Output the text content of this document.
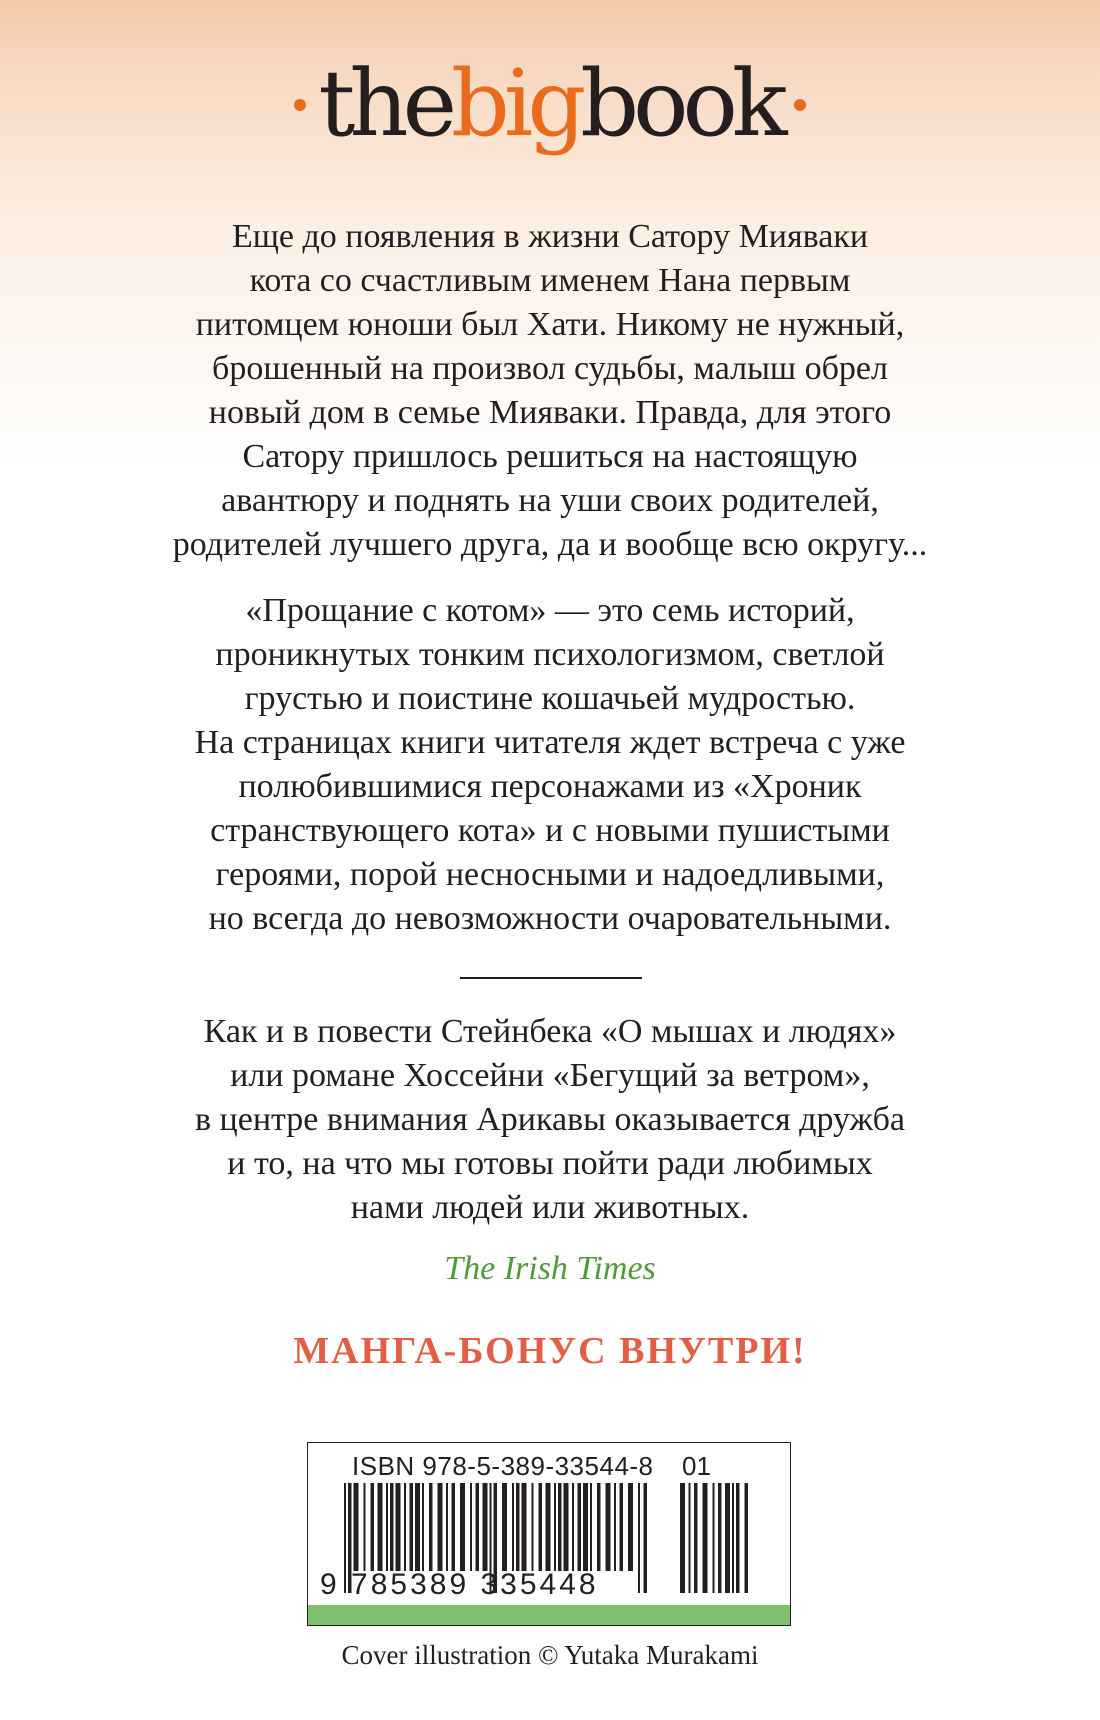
thebigbook
Еще до появления в жизни Сатору Мияваки
кота со счастливым именем Нана первым
питомцем юноши был Хати. Никому не нужный,
брошенный на произвол судьбы, малыш обрел
новый дом в семье Мияваки. Правда, для этого
Сатору пришлось решиться на настоящую
авантюру и поднять на уши своих родителей,
родителей лучшего друга, да и вообще всю округу...
«Прощание с котом» — это семь историй,
проникнутых тонким психологизмом, светлой
грустью и поистине кошачьей мудростью.
На страницах книги читателя ждет встреча с уже
полюбившимися персонажами из «Хроник
странствующего кота» и с новыми пушистыми
героями, порой несносными и надоедливыми,
но всегда до невозможности очаровательными.
Как и в повести Стейнбека «О мышах и людях»
или романе Хоссейни «Бегущий за ветром»,
в центре внимания Арикавы оказывается дружба
и то, на что мы готовы пойти ради любимых
нами людей или животных.
The Irish Times
МАНГА-БОНУС ВНУТРИ!
ISBN 978-5-389-33544-8 01
9 785389 335448
Cover illustration © Yutaka Murakami
